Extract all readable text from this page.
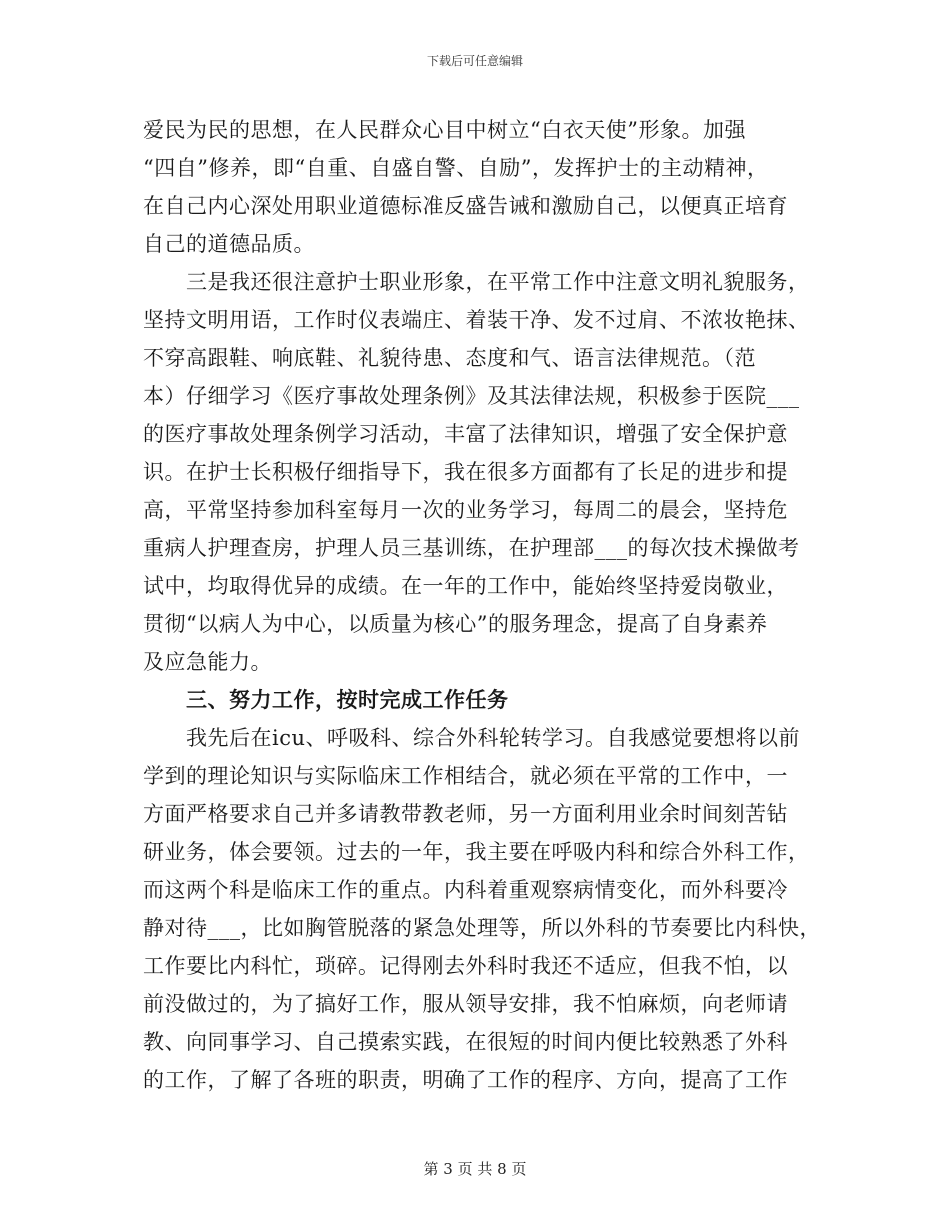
下载后可任意编辑
爱民为民的思想，在人民群众心目中树立“白衣天使”形象。加强
“四自”修养，即“自重、自盛自警、自励”，发挥护士的主动精神，
在自己内心深处用职业道德标准反盛告诫和激励自己，以便真正培育
自己的道德品质。
三是我还很注意护士职业形象，在平常工作中注意文明礼貌服务，
坚持文明用语，工作时仪表端庄、着装干净、发不过肩、不浓妆艳抹、
不穿高跟鞋、响底鞋、礼貌待患、态度和气、语言法律规范。（范
本）仔细学习《医疗事故处理条例》及其法律法规，积极参于医院___
的医疗事故处理条例学习活动，丰富了法律知识，增强了安全保护意
识。在护士长积极仔细指导下，我在很多方面都有了长足的进步和提
高，平常坚持参加科室每月一次的业务学习，每周二的晨会，坚持危
重病人护理查房，护理人员三基训练，在护理部___的每次技术操做考
试中，均取得优异的成绩。在一年的工作中，能始终坚持爱岗敬业，
贯彻“以病人为中心，以质量为核心”的服务理念，提高了自身素养
及应急能力。
三、努力工作，按时完成工作任务
我先后在icu、呼吸科、综合外科轮转学习。自我感觉要想将以前
学到的理论知识与实际临床工作相结合，就必须在平常的工作中，一
方面严格要求自己并多请教带教老师，另一方面利用业余时间刻苦钻
研业务，体会要领。过去的一年，我主要在呼吸内科和综合外科工作，
而这两个科是临床工作的重点。内科着重观察病情变化，而外科要冷
静对待___，比如胸管脱落的紧急处理等，所以外科的节奏要比内科快，
工作要比内科忙，琐碎。记得刚去外科时我还不适应，但我不怕，以
前没做过的，为了搞好工作，服从领导安排，我不怕麻烦，向老师请
教、向同事学习、自己摸索实践，在很短的时间内便比较熟悉了外科
的工作，了解了各班的职责，明确了工作的程序、方向，提高了工作
第 3 页 共 8 页
